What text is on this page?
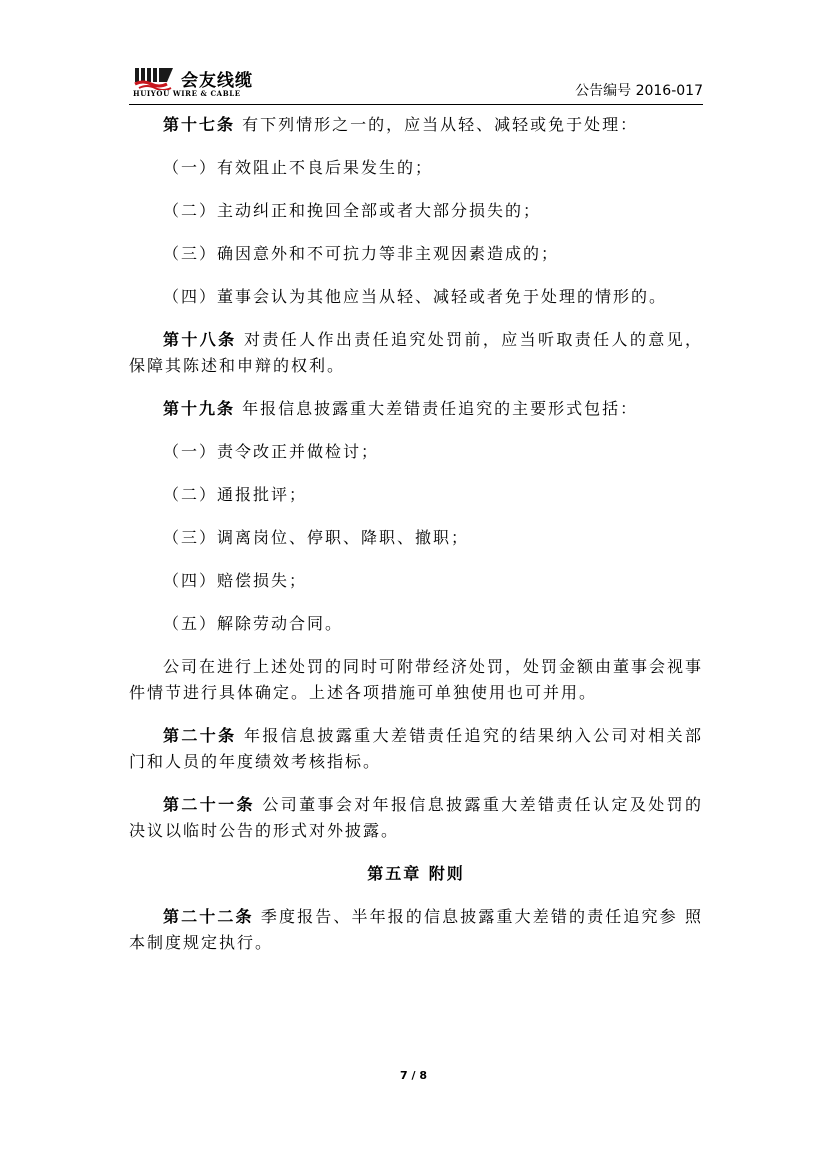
会友线缆
HUIYOU WIRE & CABLE	公告编号 2016-017

第十七条 有下列情形之一的，应当从轻、减轻或免于处理：

（一）有效阻止不良后果发生的；

（二）主动纠正和挽回全部或者大部分损失的；

（三）确因意外和不可抗力等非主观因素造成的；

（四）董事会认为其他应当从轻、减轻或者免于处理的情形的。

第十八条 对责任人作出责任追究处罚前，应当听取责任人的意见，保障其陈述和申辩的权利。

第十九条 年报信息披露重大差错责任追究的主要形式包括：

（一）责令改正并做检讨；

（二）通报批评；

（三）调离岗位、停职、降职、撤职；

（四）赔偿损失；

（五）解除劳动合同。

公司在进行上述处罚的同时可附带经济处罚，处罚金额由董事会视事件情节进行具体确定。上述各项措施可单独使用也可并用。

第二十条 年报信息披露重大差错责任追究的结果纳入公司对相关部门和人员的年度绩效考核指标。

第二十一条 公司董事会对年报信息披露重大差错责任认定及处罚的决议以临时公告的形式对外披露。

第五章 附则

第二十二条 季度报告、半年报的信息披露重大差错的责任追究参 照本制度规定执行。

7 / 8
